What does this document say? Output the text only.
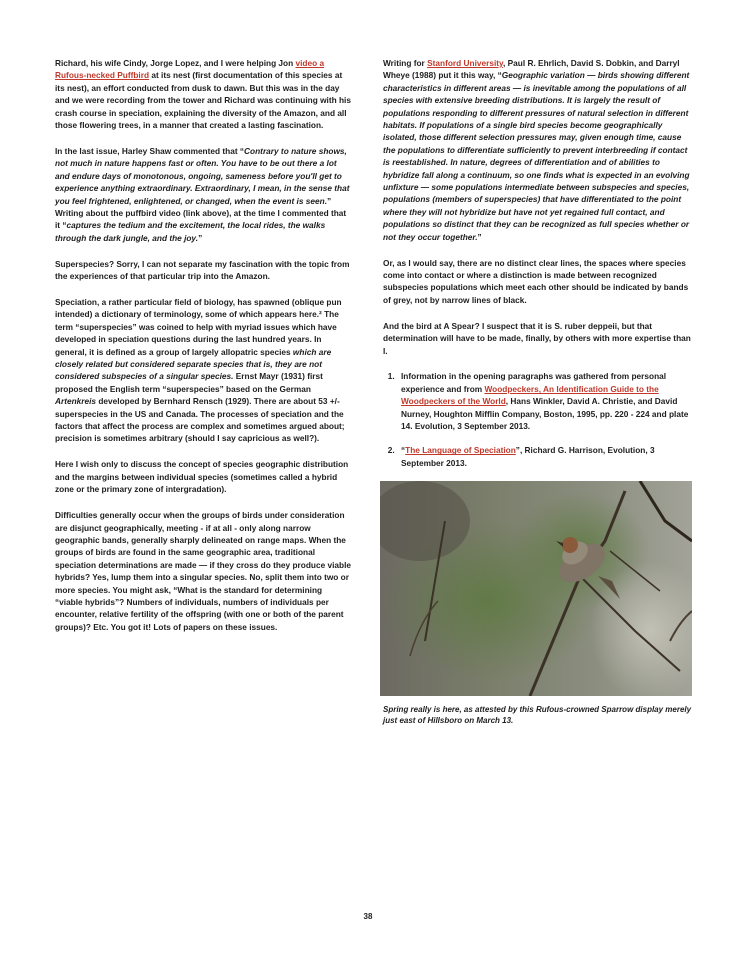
Richard, his wife Cindy, Jorge Lopez, and I were helping Jon video a Rufous-necked Puffbird at its nest (first documentation of this species at its nest), an effort conducted from dusk to dawn. But this was in the day and we were recording from the tower and Richard was continuing with his crash course in speciation, explaining the diversity of the Amazon, and all those flowering trees, in a manner that created a lasting fascination.

In the last issue, Harley Shaw commented that “Contrary to nature shows, not much in nature happens fast or often. You have to be out there a lot and endure days of monotonous, ongoing, sameness before you'll get to experience anything extraordinary. Extraordinary, I mean, in the sense that you feel frightened, enlightened, or changed, when the event is seen.” Writing about the puffbird video (link above), at the time I commented that it “captures the tedium and the excitement, the local rides, the walks through the dark jungle, and the joy.”

Superspecies? Sorry, I can not separate my fascination with the topic from the experiences of that particular trip into the Amazon.

Speciation, a rather particular field of biology, has spawned (oblique pun intended) a dictionary of terminology, some of which appears here.² The term “superspecies” was coined to help with myriad issues which have developed in speciation questions during the last hundred years. In general, it is defined as a group of largely allopatric species which are closely related but considered separate species that is, they are not considered subspecies of a singular species. Ernst Mayr (1931) first proposed the English term “superspecies” based on the German Artenkreis developed by Bernhard Rensch (1929). There are about 53 +/- superspecies in the US and Canada. The processes of speciation and the factors that affect the process are complex and sometimes argued about; precision is sometimes arbitrary (should I say capricious as well?).

Here I wish only to discuss the concept of species geographic distribution and the margins between individual species (sometimes called a hybrid zone or the primary zone of intergradation).

Difficulties generally occur when the groups of birds under consideration are disjunct geographically, meeting - if at all - only along narrow geographic bands, generally sharply delineated on range maps. When the groups of birds are found in the same geographic area, traditional speciation determinations are made — if they cross do they produce viable hybrids? Yes, lump them into a singular species. No, split them into two or more species. You might ask, “What is the standard for determining “viable hybrids”? Numbers of individuals, numbers of individuals per encounter, relative fertility of the offspring (with one or both of the parent groups)? Etc. You got it! Lots of papers on these issues.

Writing for Stanford University, Paul R. Ehrlich, David S. Dobkin, and Darryl Wheye (1988) put it this way, “Geographic variation — birds showing different characteristics in different areas — is inevitable among the populations of all species with extensive breeding distributions. It is largely the result of populations responding to different pressures of natural selection in different habitats. If populations of a single bird species become geographically isolated, those different selection pressures may, given enough time, cause the populations to differentiate sufficiently to prevent interbreeding if contact is reestablished. In nature, degrees of differentiation and of abilities to hybridize fall along a continuum, so one finds what is expected in an evolving unfixture — some populations intermediate between subspecies and species, populations (members of superspecies) that have differentiated to the point where they will not hybridize but have not yet regained full contact, and populations so distinct that they can be recognized as full species whether or not they occur together.”

Or, as I would say, there are no distinct clear lines, the spaces where species come into contact or where a distinction is made between recognized subspecies populations which meet each other should be indicated by bands of grey, not by narrow lines of black.

And the bird at A Spear? I suspect that it is S. ruber deppeii, but that determination will have to be made, finally, by others with more expertise than I.

1. Information in the opening paragraphs was gathered from personal experience and from Woodpeckers, An Identification Guide to the Woodpeckers of the World, Hans Winkler, David A. Christie, and David Nurney, Houghton Mifflin Company, Boston, 1995, pp. 220 - 224 and plate 14. Evolution, 3 September 2013.
2. “The Language of Speciation”, Richard G. Harrison, Evolution, 3 September 2013.
Spring really is here, as attested by this Rufous-crowned Sparrow display merely just east of Hillsboro on March 13.
38
